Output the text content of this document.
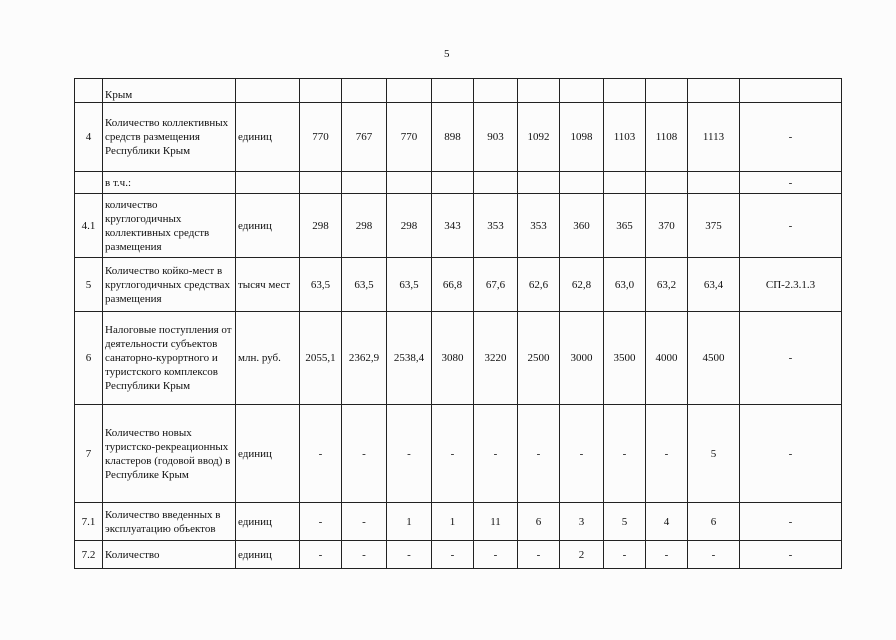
5
	Крым												
4	Количество коллективных средств размещения Республики Крым	единиц	770	767	770	898	903	1092	1098	1103	1108	1113	-
	в т.ч.:												-
4.1	количество круглогодичных коллективных средств размещения	единиц	298	298	298	343	353	353	360	365	370	375	-
5	Количество койко-мест в круглогодичных средствах размещения	тысяч мест	63,5	63,5	63,5	66,8	67,6	62,6	62,8	63,0	63,2	63,4	СП-2.3.1.3
6	Налоговые поступления от деятельности субъектов санаторно-курортного и туристского комплексов Республики Крым	млн. руб.	2055,1	2362,9	2538,4	3080	3220	2500	3000	3500	4000	4500	-
7	Количество новых туристско-рекреационных кластеров (годовой ввод) в Республике Крым	единиц	-	-	-	-	-	-	-	-	-	5	-
7.1	Количество введенных в эксплуатацию объектов	единиц	-	-	1	1	11	6	3	5	4	6	-
7.2	Количество	единиц	-	-	-	-	-	-	2	-	-	-	-
